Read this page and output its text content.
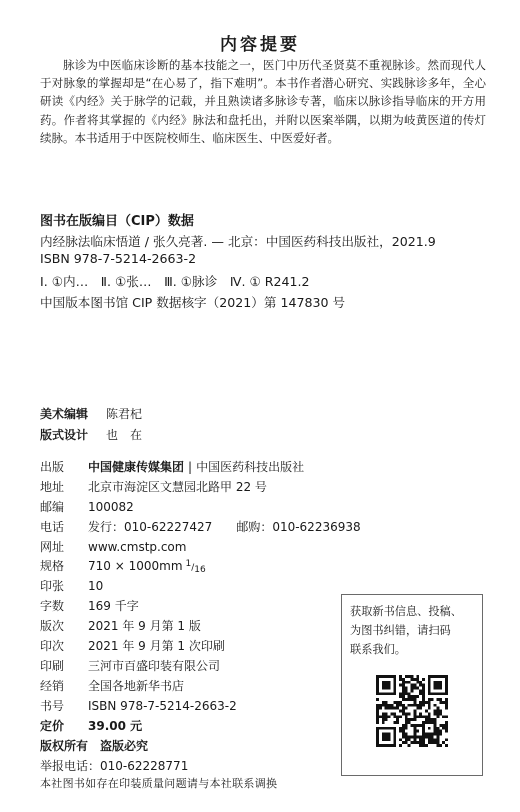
内容提要

脉诊为中医临床诊断的基本技能之一，医门中历代圣贤莫不重视脉诊。然而现代人于对脉象的掌握却是“在心易了，指下难明”。本书作者潜心研究、实践脉诊多年，全心研读《内经》关于脉学的记载，并且熟读诸多脉诊专著，临床以脉诊指导临床的开方用药。作者将其掌握的《内经》脉法和盘托出，并附以医案举隅，以期为岐黄医道的传灯续脉。本书适用于中医院校师生、临床医生、中医爱好者。

图书在版编目（CIP）数据
内经脉法临床悟道 / 张久亮著. — 北京：中国医药科技出版社，2021.9
ISBN 978-7-5214-2663-2
Ⅰ. ①内…　Ⅱ. ①张…　Ⅲ. ①脉诊　Ⅳ. ① R241.2
中国版本图书馆 CIP 数据核字（2021）第 147830 号
美术编辑 陈君杞
版式设计 也　在
出版 中国健康传媒集团 | 中国医药科技出版社
地址 北京市海淀区文慧园北路甲 22 号
邮编 100082
电话 发行：010-62227427　　邮购：010-62236938
网址 www.cmstp.com
规格 710 × 1000mm $^1$/16
印张 10
字数 169 千字
版次 2021 年 9 月第 1 版
印次 2021 年 9 月第 1 次印刷
印刷 三河市百盛印装有限公司
经销 全国各地新华书店
书号 ISBN 978-7-5214-2663-2
定价 39.00 元
版权所有　盗版必究
举报电话：010-62228771
获取新书信息、投稿、
为图书纠错，请扫码
联系我们。
本社图书如存在印装质量问题请与本社联系调换
